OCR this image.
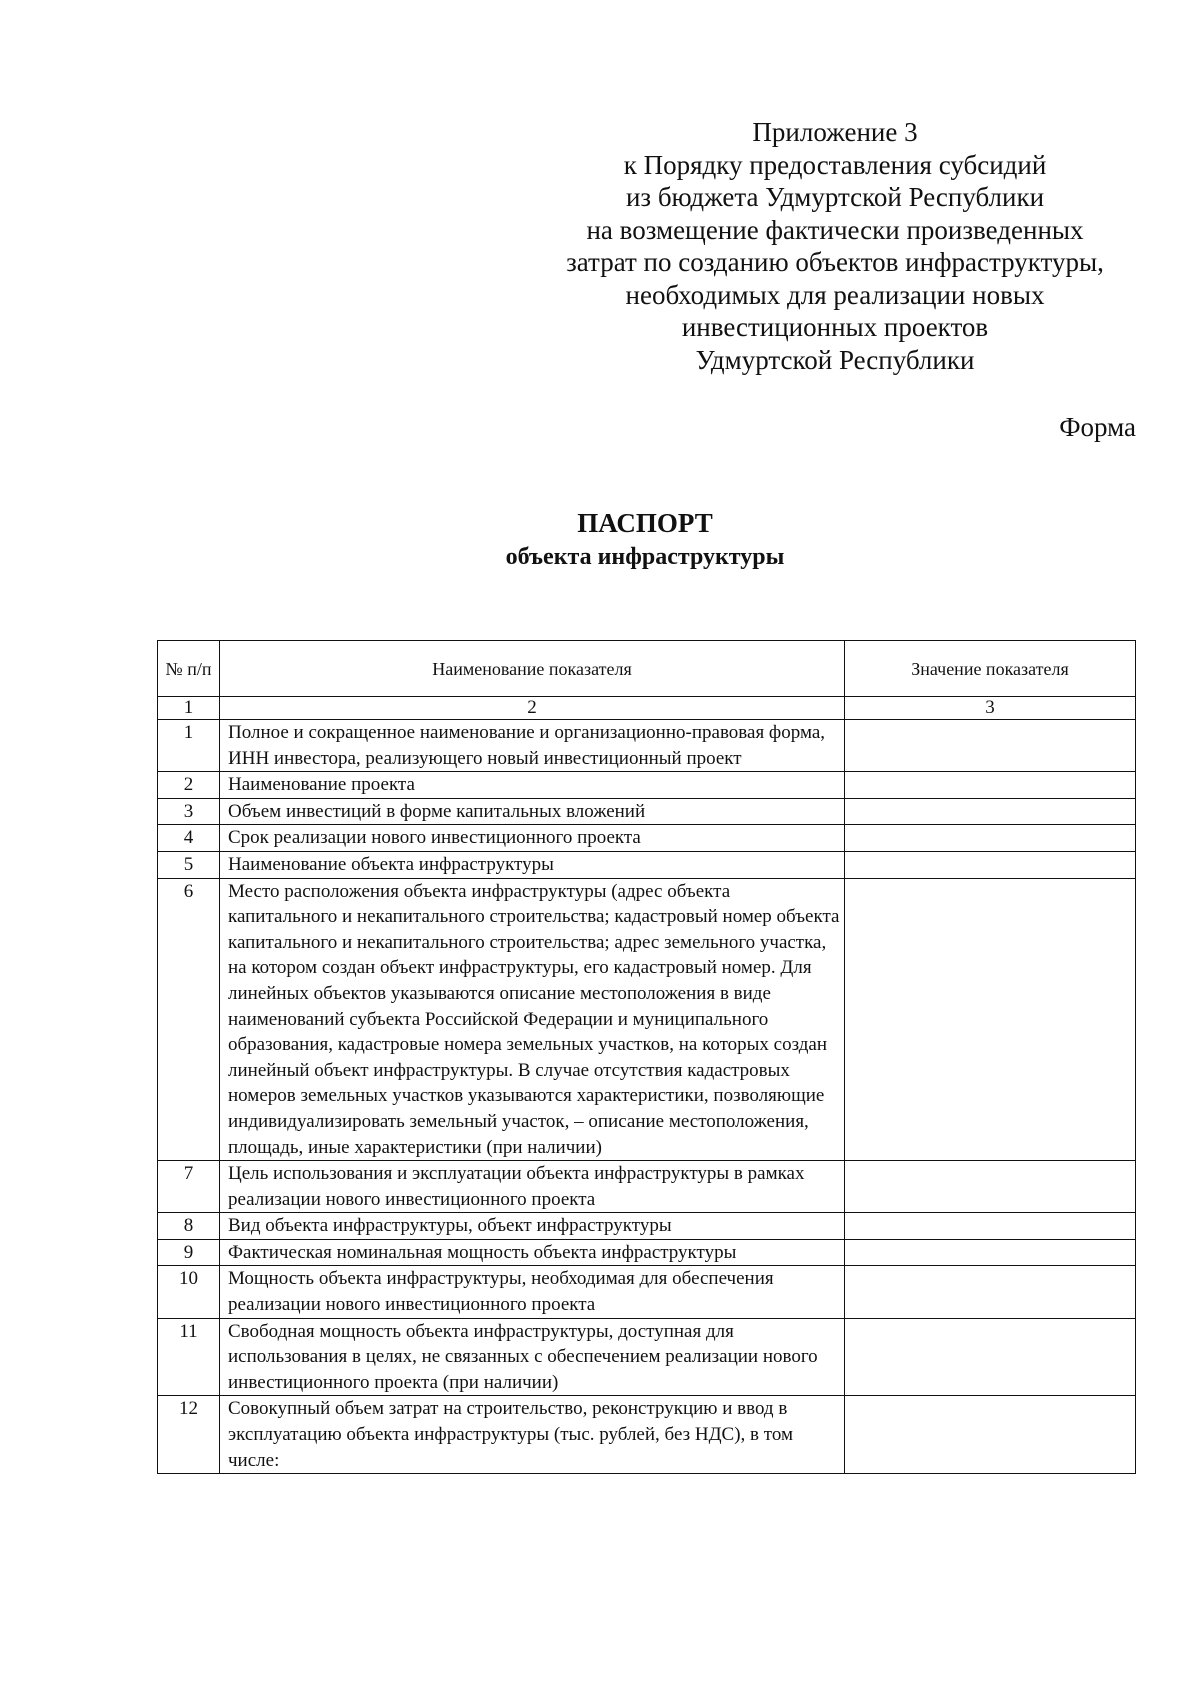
Приложение 3
к Порядку предоставления субсидий
из бюджета Удмуртской Республики
на возмещение фактически произведенных
затрат по созданию объектов инфраструктуры,
необходимых для реализации новых
инвестиционных проектов
Удмуртской Республики
Форма
ПАСПОРТ
объекта инфраструктуры
№ п/п	Наименование показателя	Значение показателя
1	2	3
1	Полное и сокращенное наименование и организационно-правовая форма, ИНН инвестора, реализующего новый инвестиционный проект	
2	Наименование проекта	
3	Объем инвестиций в форме капитальных вложений	
4	Срок реализации нового инвестиционного проекта	
5	Наименование объекта инфраструктуры	
6	Место расположения объекта инфраструктуры (адрес объекта капитального и некапитального строительства; кадастровый номер объекта капитального и некапитального строительства; адрес земельного участка, на котором создан объект инфраструктуры, его кадастровый номер. Для линейных объектов указываются описание местоположения в виде наименований субъекта Российской Федерации и муниципального образования, кадастровые номера земельных участков, на которых создан линейный объект инфраструктуры. В случае отсутствия кадастровых номеров земельных участков указываются характеристики, позволяющие индивидуализировать земельный участок, – описание местоположения, площадь, иные характеристики (при наличии)	
7	Цель использования и эксплуатации объекта инфраструктуры в рамках реализации нового инвестиционного проекта	
8	Вид объекта инфраструктуры, объект инфраструктуры	
9	Фактическая номинальная мощность объекта инфраструктуры	
10	Мощность объекта инфраструктуры, необходимая для обеспечения реализации нового инвестиционного проекта	
11	Свободная мощность объекта инфраструктуры, доступная для использования в целях, не связанных с обеспечением реализации нового инвестиционного проекта (при наличии)	
12	Совокупный объем затрат на строительство, реконструкцию и ввод в эксплуатацию объекта инфраструктуры (тыс. рублей, без НДС), в том числе:	
